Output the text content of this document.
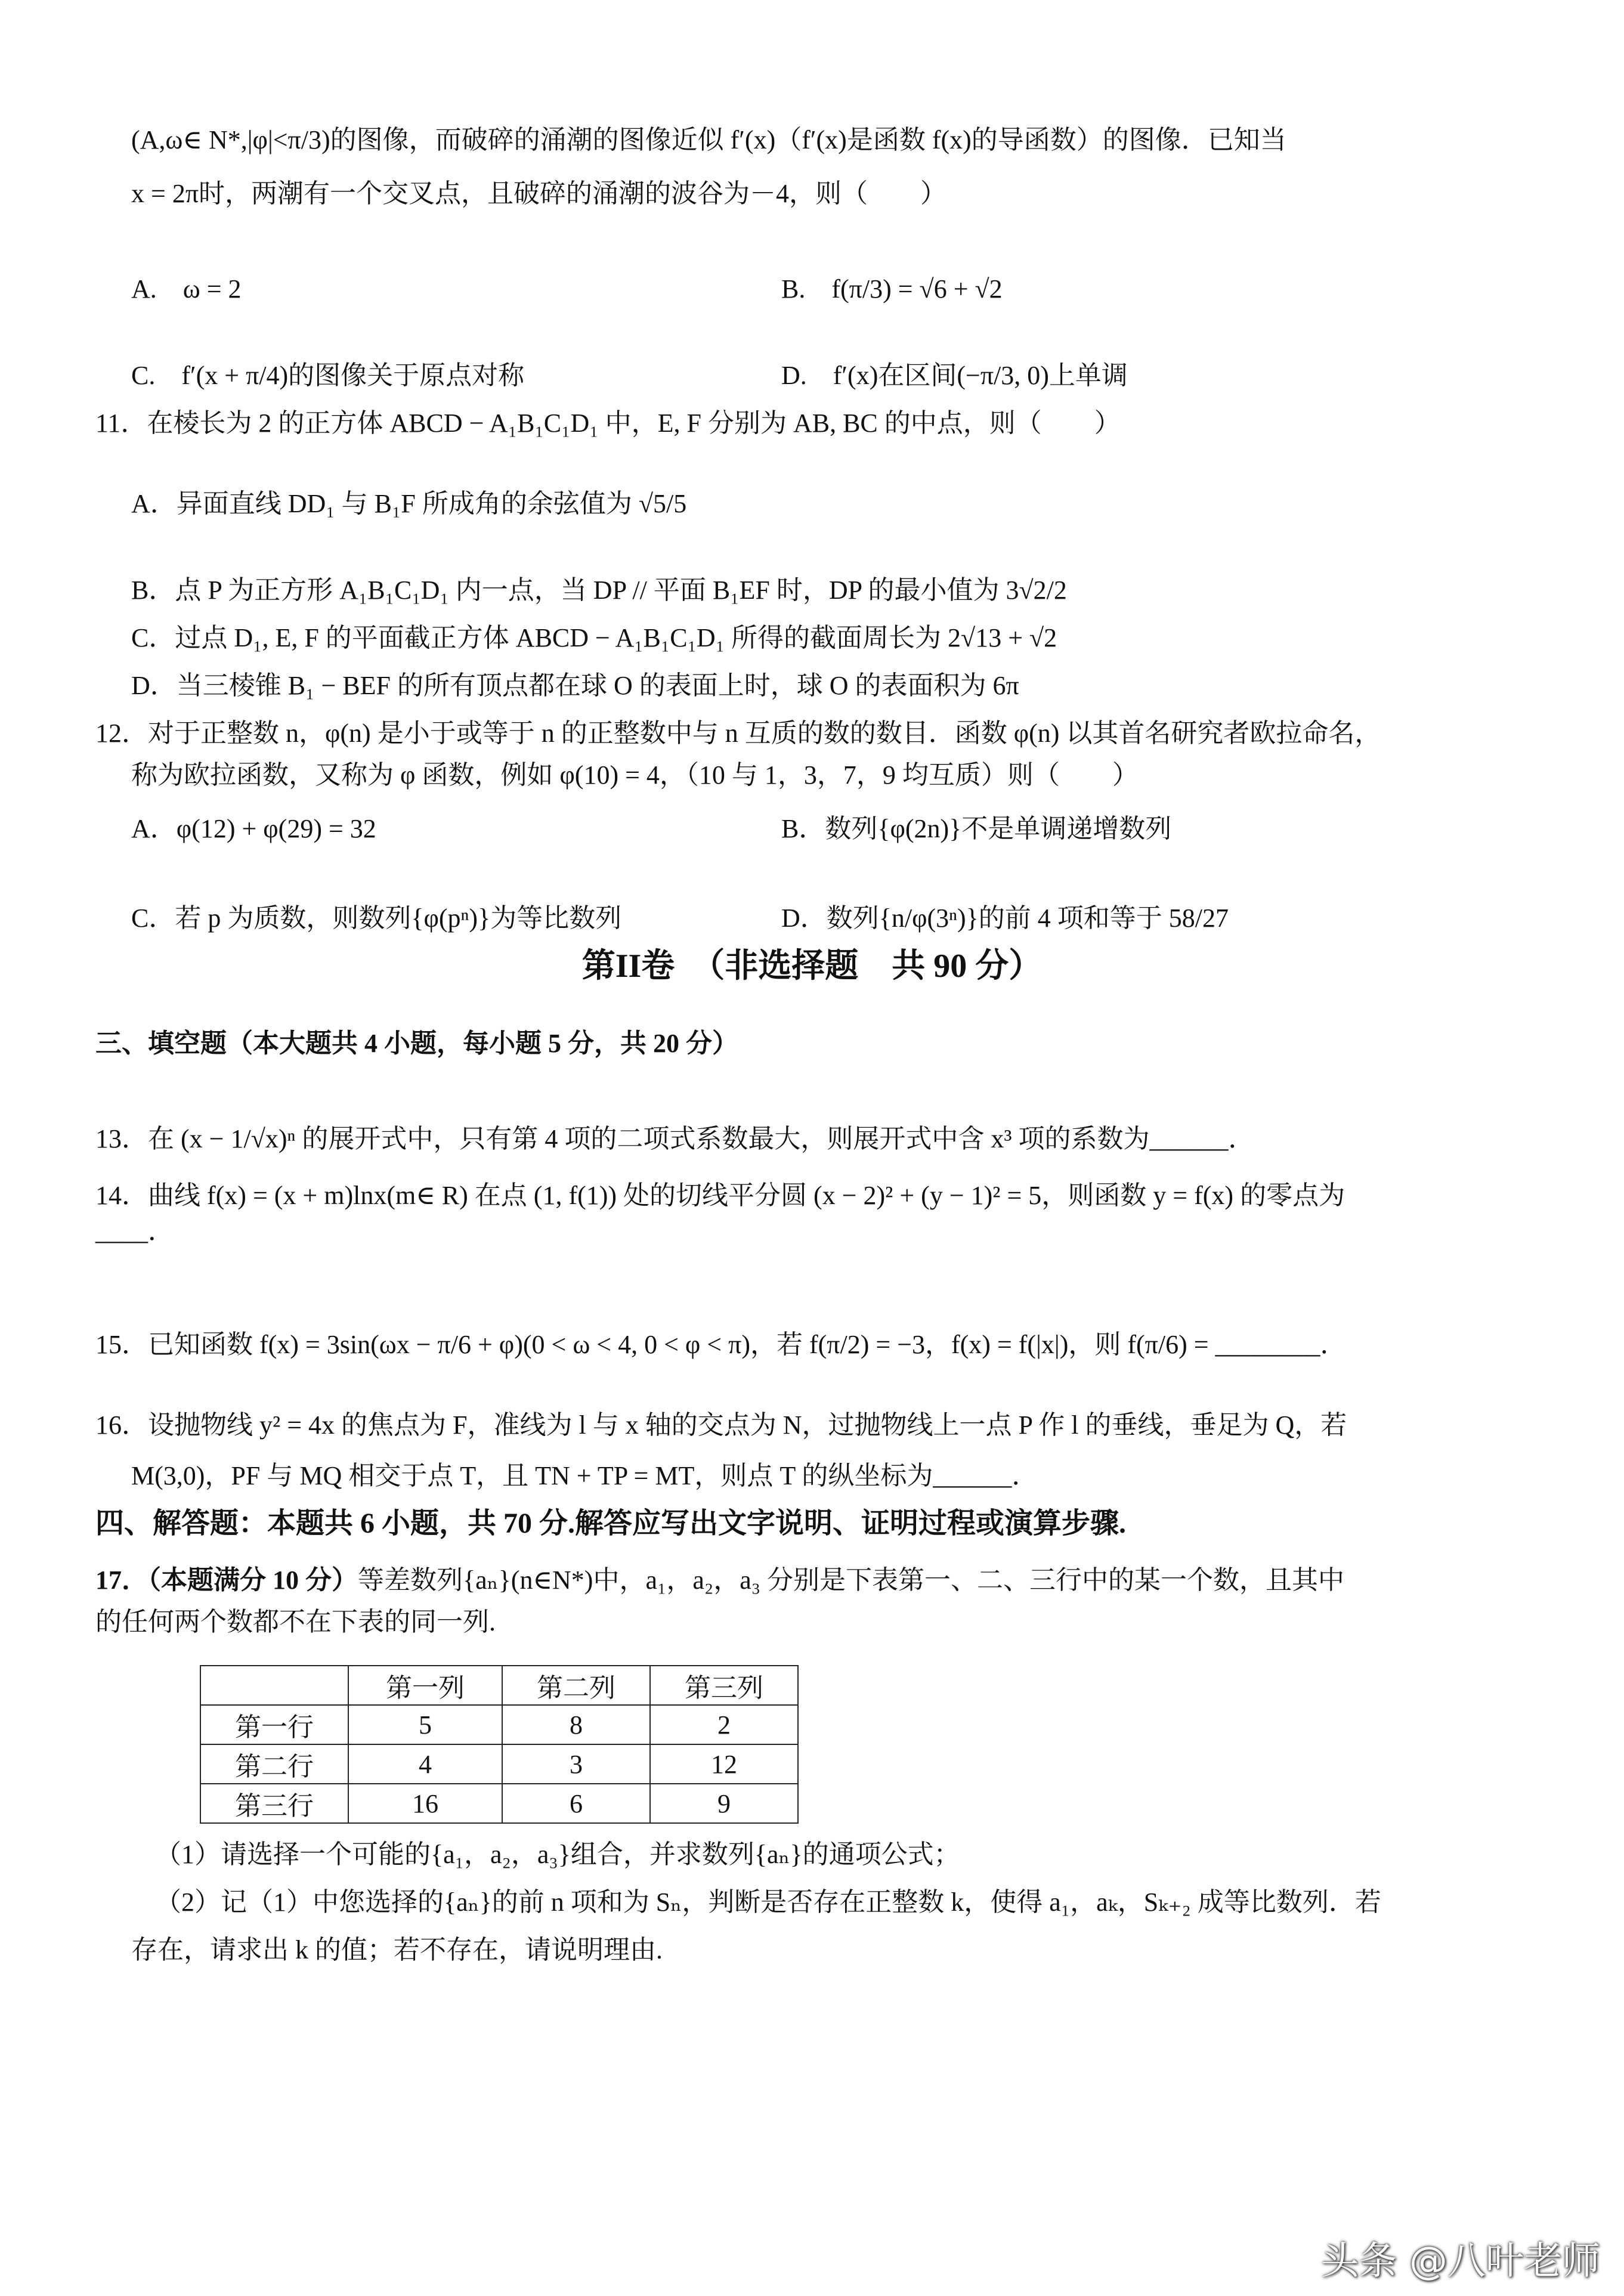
(A,ω∈ N*,|φ|<π/3)的图像，而破碎的涌潮的图像近似 f′(x)（f′(x)是函数 f(x)的导函数）的图像．已知当
x = 2π时，两潮有一个交叉点，且破碎的涌潮的波谷为－4，则（　　）
A.　ω = 2	B.　f(π/3) = √6 + √2
C.　f′(x + π/4)的图像关于原点对称	D.　f′(x)在区间(−π/3, 0)上单调
11．在棱长为 2 的正方体 ABCD − A₁B₁C₁D₁ 中，E, F 分别为 AB, BC 的中点，则（　　）
A．异面直线 DD₁ 与 B₁F 所成角的余弦值为 √5/5
B．点 P 为正方形 A₁B₁C₁D₁ 内一点，当 DP // 平面 B₁EF 时，DP 的最小值为 3√2/2
C．过点 D₁, E, F 的平面截正方体 ABCD − A₁B₁C₁D₁ 所得的截面周长为 2√13 + √2
D．当三棱锥 B₁ − BEF 的所有顶点都在球 O 的表面上时，球 O 的表面积为 6π
12．对于正整数 n，φ(n) 是小于或等于 n 的正整数中与 n 互质的数的数目．函数 φ(n) 以其首名研究者欧拉命名，
称为欧拉函数，又称为 φ 函数，例如 φ(10) = 4，（10 与 1，3，7，9 均互质）则（　　）
A．φ(12) + φ(29) = 32	B．数列{φ(2n)}不是单调递增数列
C．若 p 为质数，则数列{φ(pⁿ)}为等比数列	D．数列{n/φ(3ⁿ)}的前 4 项和等于 58/27
第II卷　（非选择题　共 90 分）
三、填空题（本大题共 4 小题，每小题 5 分，共 20 分）
13．在 (x − 1/√x)ⁿ 的展开式中，只有第 4 项的二项式系数最大，则展开式中含 x³ 项的系数为______．
14．曲线 f(x) = (x + m)lnx(m∈ R) 在点 (1, f(1)) 处的切线平分圆 (x − 2)² + (y − 1)² = 5，则函数 y = f(x) 的零点为
____．
15．已知函数 f(x) = 3sin(ωx − π/6 + φ)(0 < ω < 4, 0 < φ < π)，若 f(π/2) = −3，f(x) = f(|x|)，则 f(π/6) = ________．
16．设抛物线 y² = 4x 的焦点为 F，准线为 l 与 x 轴的交点为 N，过抛物线上一点 P 作 l 的垂线，垂足为 Q，若
M(3,0)，PF 与 MQ 相交于点 T，且 TN + TP = MT，则点 T 的纵坐标为______．
四、解答题：本题共 6 小题，共 70 分.解答应写出文字说明、证明过程或演算步骤.
17．（本题满分 10 分）等差数列{aₙ}(n∈N*)中，a₁，a₂，a₃ 分别是下表第一、二、三行中的某一个数，且其中
的任何两个数都不在下表的同一列.
	第一列	第二列	第三列
第一行	5	8	2
第二行	4	3	12
第三行	16	6	9
（1）请选择一个可能的{a₁，a₂，a₃}组合，并求数列{aₙ}的通项公式；
（2）记（1）中您选择的{aₙ}的前 n 项和为 Sₙ，判断是否存在正整数 k，使得 a₁，aₖ，Sₖ₊₂ 成等比数列．若
存在，请求出 k 的值；若不存在，请说明理由.
头条 @八叶老师
